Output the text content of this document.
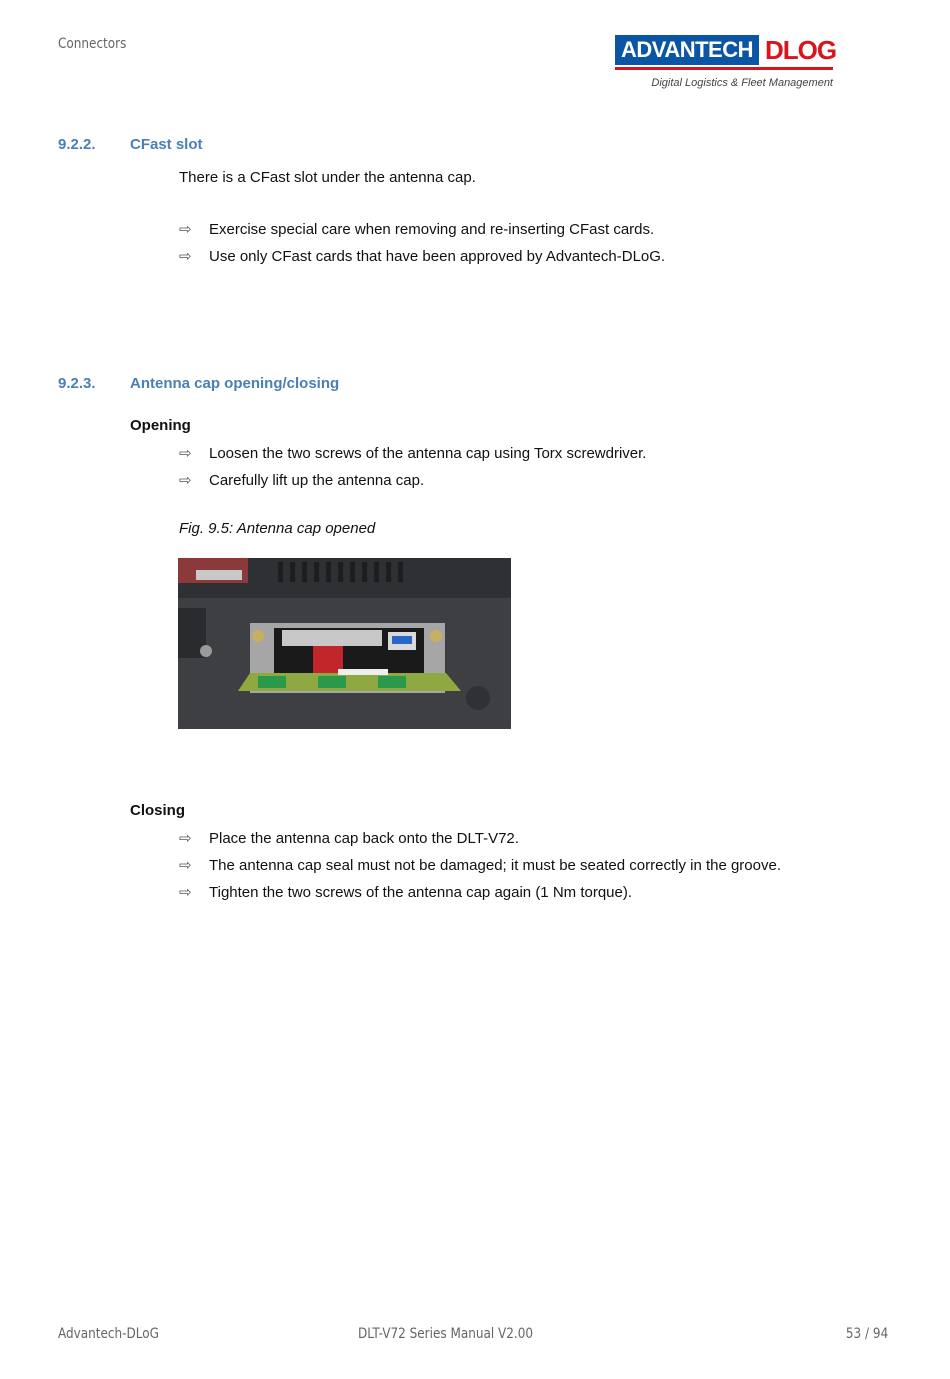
Connectors	ADVANTECH DLOG
Digital Logistics & Fleet Management
9.2.2. CFast slot
There is a CFast slot under the antenna cap.
⇨ Exercise special care when removing and re-inserting CFast cards.
⇨ Use only CFast cards that have been approved by Advantech-DLoG.
9.2.3. Antenna cap opening/closing
Opening
⇨ Loosen the two screws of the antenna cap using Torx screwdriver.
⇨ Carefully lift up the antenna cap.
Fig. 9.5: Antenna cap opened
Closing
⇨ Place the antenna cap back onto the DLT-V72.
⇨ The antenna cap seal must not be damaged; it must be seated correctly in the groove.
⇨ Tighten the two screws of the antenna cap again (1 Nm torque).
Advantech-DLoG	DLT-V72 Series Manual V2.00	53 / 94
